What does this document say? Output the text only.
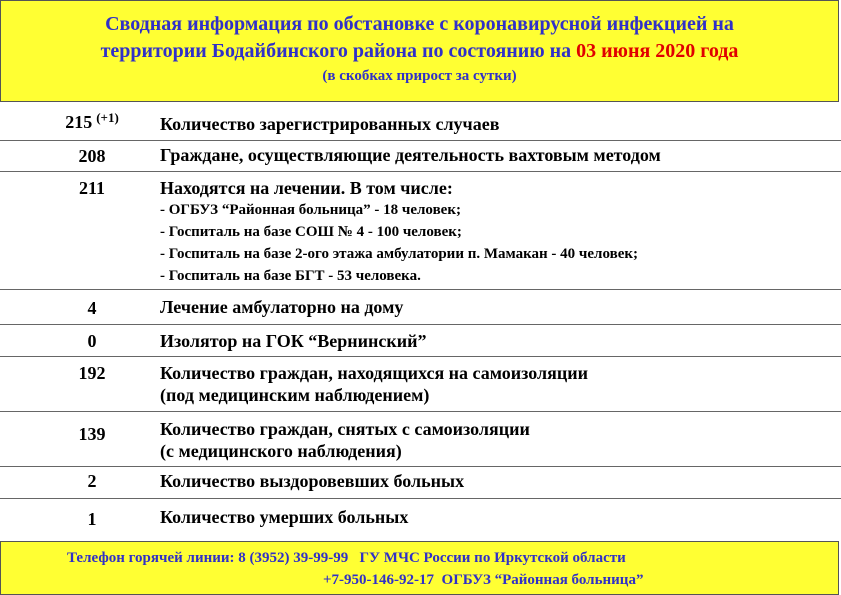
Сводная информация по обстановке с коронавирусной инфекцией на
территории Бодайбинского района по состоянию на 03 июня 2020 года
(в скобках прирост за сутки)
215 $^{(+1)}$	Количество зарегистрированных случаев
208	Граждане, осуществляющие деятельность вахтовым методом
211	Находятся на лечении. В том числе:
- ОГБУЗ “Районная больница” - 18 человек;
- Госпиталь на базе СОШ № 4 - 100 человек;
- Госпиталь на базе 2-ого этажа амбулатории п. Мамакан - 40 человек;
- Госпиталь на базе БГТ - 53 человека.
4	Лечение амбулаторно на дому
0	Изолятор на ГОК “Вернинский”
192	Количество граждан, находящихся на самоизоляции
(под медицинским наблюдением)
139	Количество граждан, снятых с самоизоляции
(с медицинского наблюдения)
2	Количество выздоровевших больных
1	Количество умерших больных
Телефон горячей линии: 8 (3952) 39-99-99   ГУ МЧС России по Иркутской области
+7-950-146-92-17  ОГБУЗ “Районная больница”
